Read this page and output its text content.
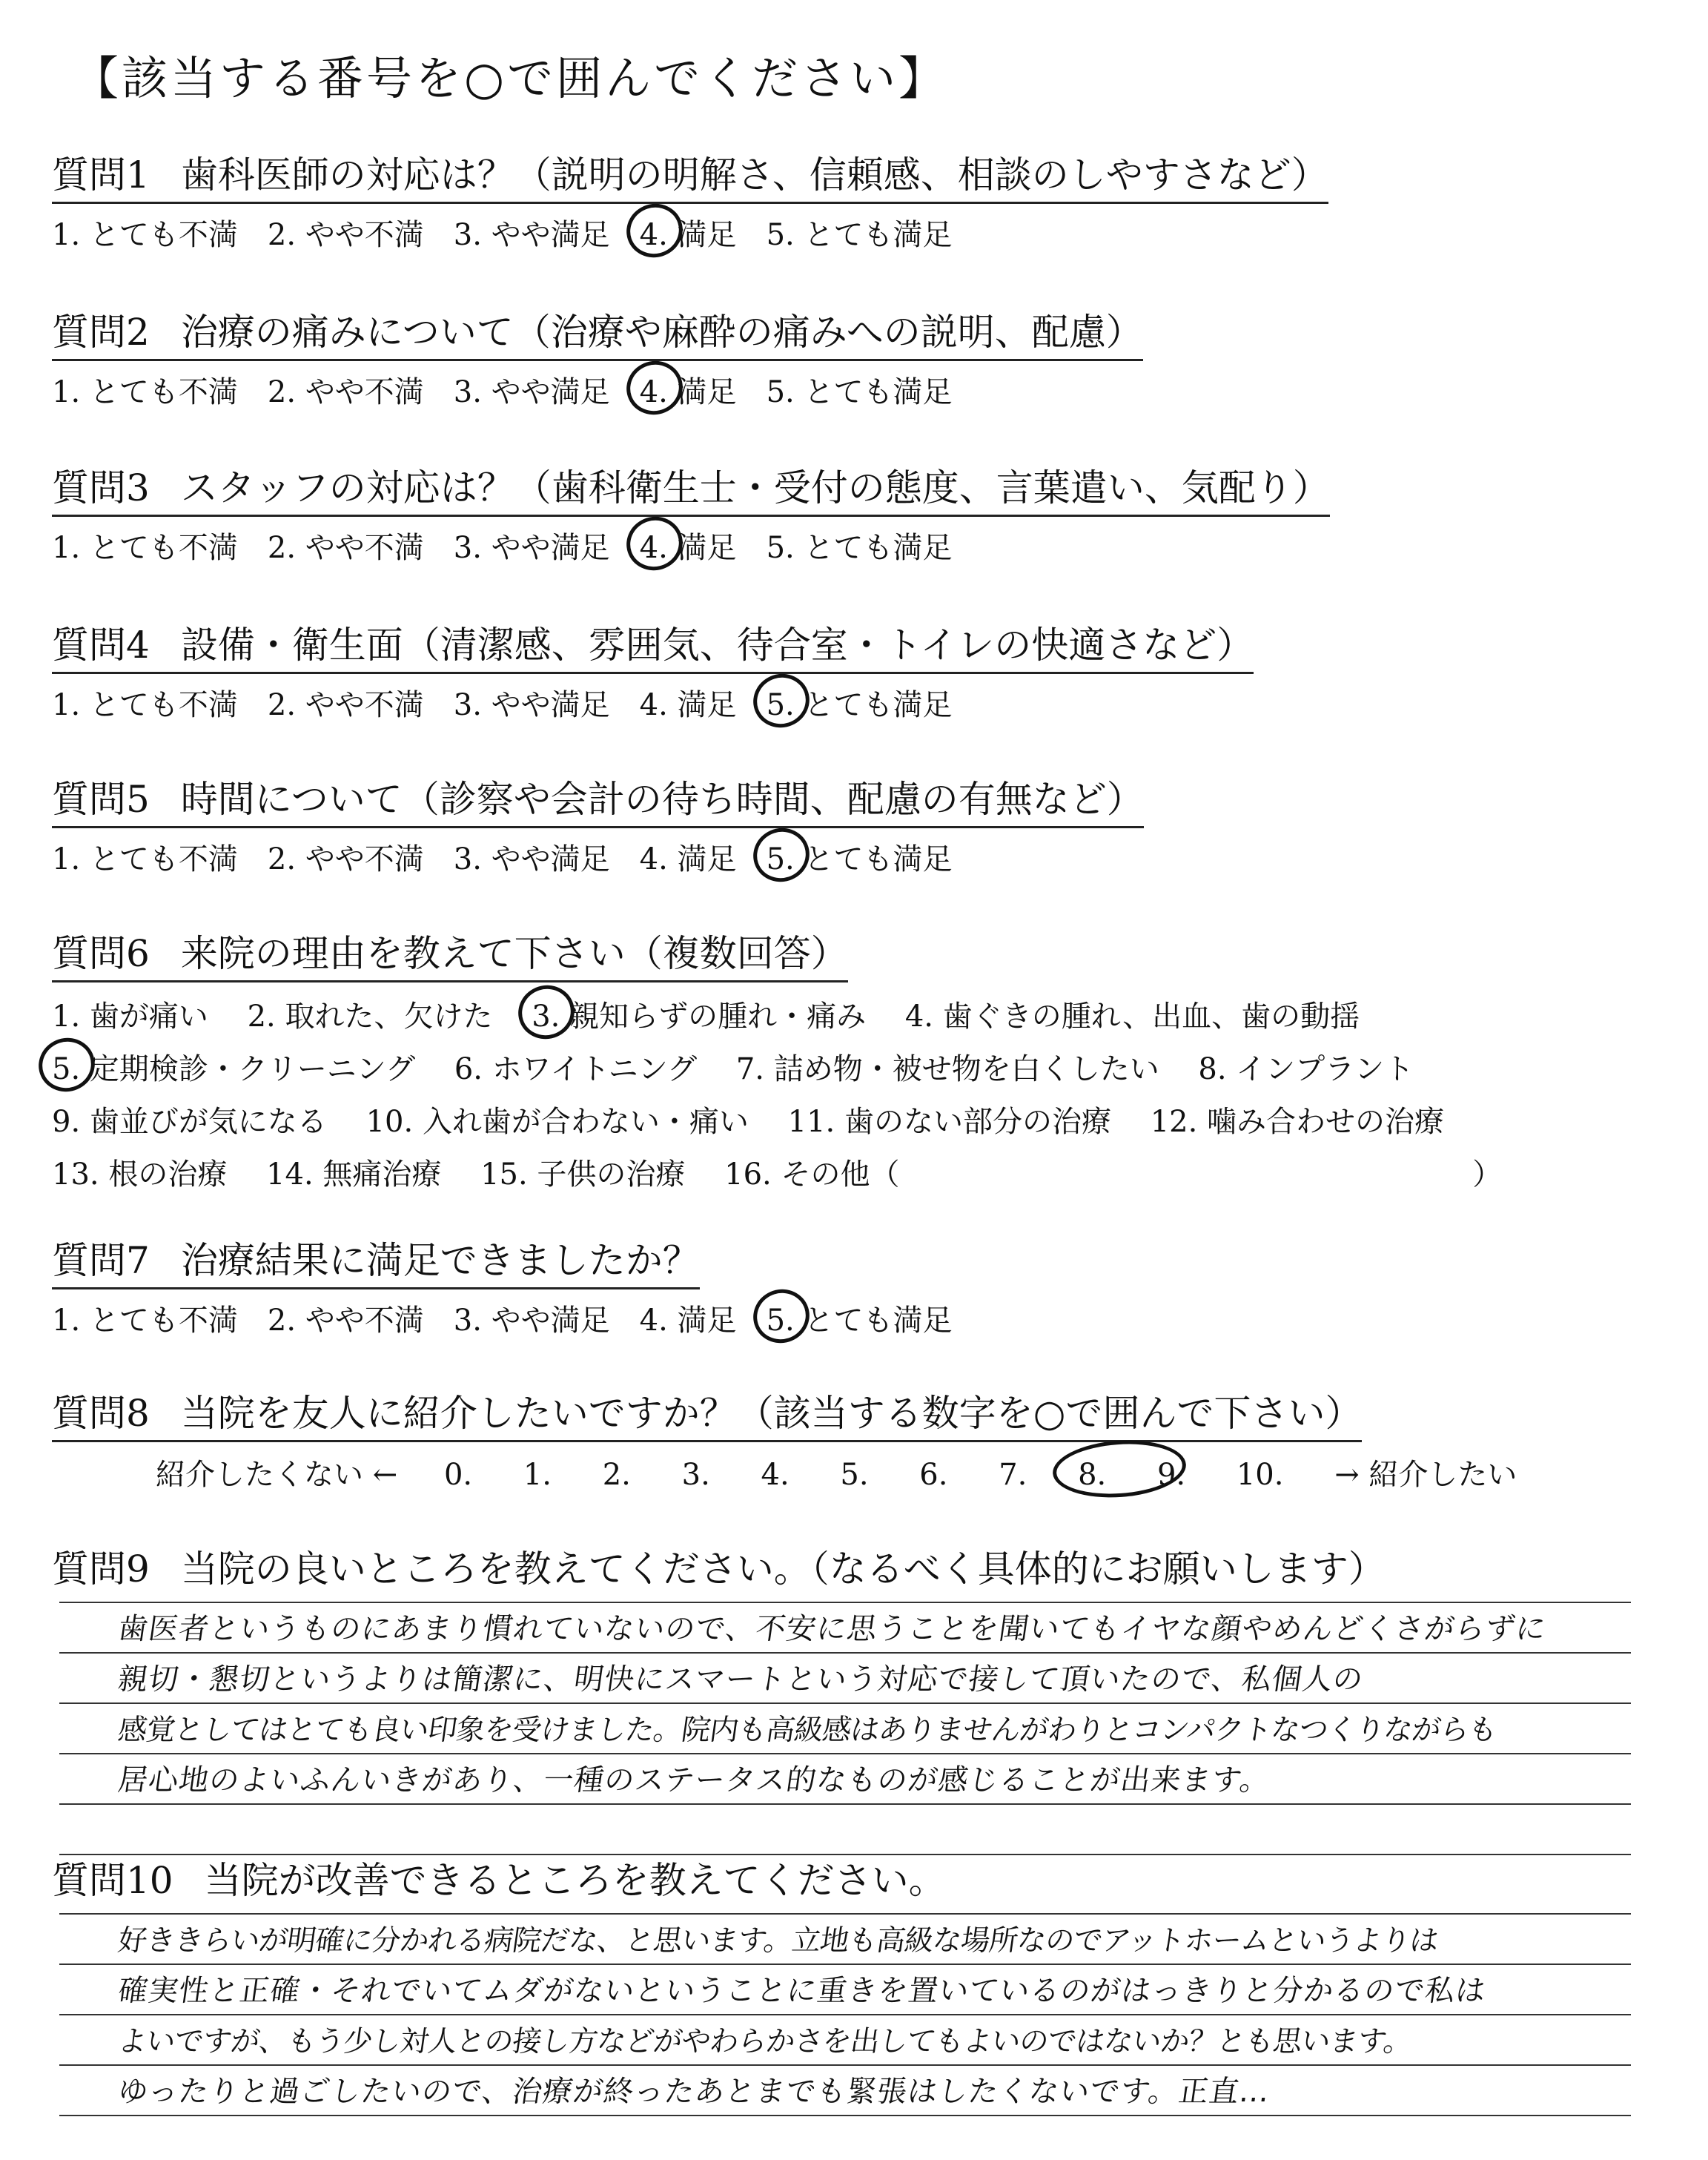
【該当する番号を○で囲んでください】
質問1 歯科医師の対応は？（説明の明解さ、信頼感、相談のしやすさなど）
1. とても不満 2. やや不満 3. やや満足 4. 満足 5. とても満足
質問2 治療の痛みについて（治療や麻酔の痛みへの説明、配慮）
1. とても不満 2. やや不満 3. やや満足 4. 満足 5. とても満足
質問3 スタッフの対応は？（歯科衛生士・受付の態度、言葉遣い、気配り）
1. とても不満 2. やや不満 3. やや満足 4. 満足 5. とても満足
質問4 設備・衛生面（清潔感、雰囲気、待合室・トイレの快適さなど）
1. とても不満 2. やや不満 3. やや満足 4. 満足 5. とても満足
質問5 時間について（診察や会計の待ち時間、配慮の有無など）
1. とても不満 2. やや不満 3. やや満足 4. 満足 5. とても満足
質問6 来院の理由を教えて下さい（複数回答）
1. 歯が痛い 2. 取れた、欠けた 3. 親知らずの腫れ・痛み 4. 歯ぐきの腫れ、出血、歯の動揺
5. 定期検診・クリーニング 6. ホワイトニング 7. 詰め物・被せ物を白くしたい 8. インプラント
9. 歯並びが気になる 10. 入れ歯が合わない・痛い 11. 歯のない部分の治療 12. 噛み合わせの治療
13. 根の治療 14. 無痛治療 15. 子供の治療 16. その他（	）
質問7 治療結果に満足できましたか？
1. とても不満 2. やや不満 3. やや満足 4. 満足 5. とても満足
質問8 当院を友人に紹介したいですか？（該当する数字を○で囲んで下さい）
紹介したくない ← 0. 1. 2. 3. 4. 5. 6. 7. 8. 9. 10. → 紹介したい
質問9 当院の良いところを教えてください。（なるべく具体的にお願いします）
歯医者というものにあまり慣れていないので、不安に思うことを聞いてもイヤな顔やめんどくさがらずに
親切・懇切というよりは簡潔に、明快にスマートという対応で接して頂いたので、私個人の
感覚としてはとても良い印象を受けました。院内も高級感はありませんがわりとコンパクトなつくりながらも
居心地のよいふんいきがあり、一種のステータス的なものが感じることが出来ます。
質問10 当院が改善できるところを教えてください。
好ききらいが明確に分かれる病院だな、と思います。立地も高級な場所なのでアットホームというよりは
確実性と正確・それでいてムダがないということに重きを置いているのがはっきりと分かるので私は
よいですが、もう少し対人との接し方などがやわらかさを出してもよいのではないか？とも思います。
ゆったりと過ごしたいので、治療が終ったあとまでも緊張はしたくないです。正直…
